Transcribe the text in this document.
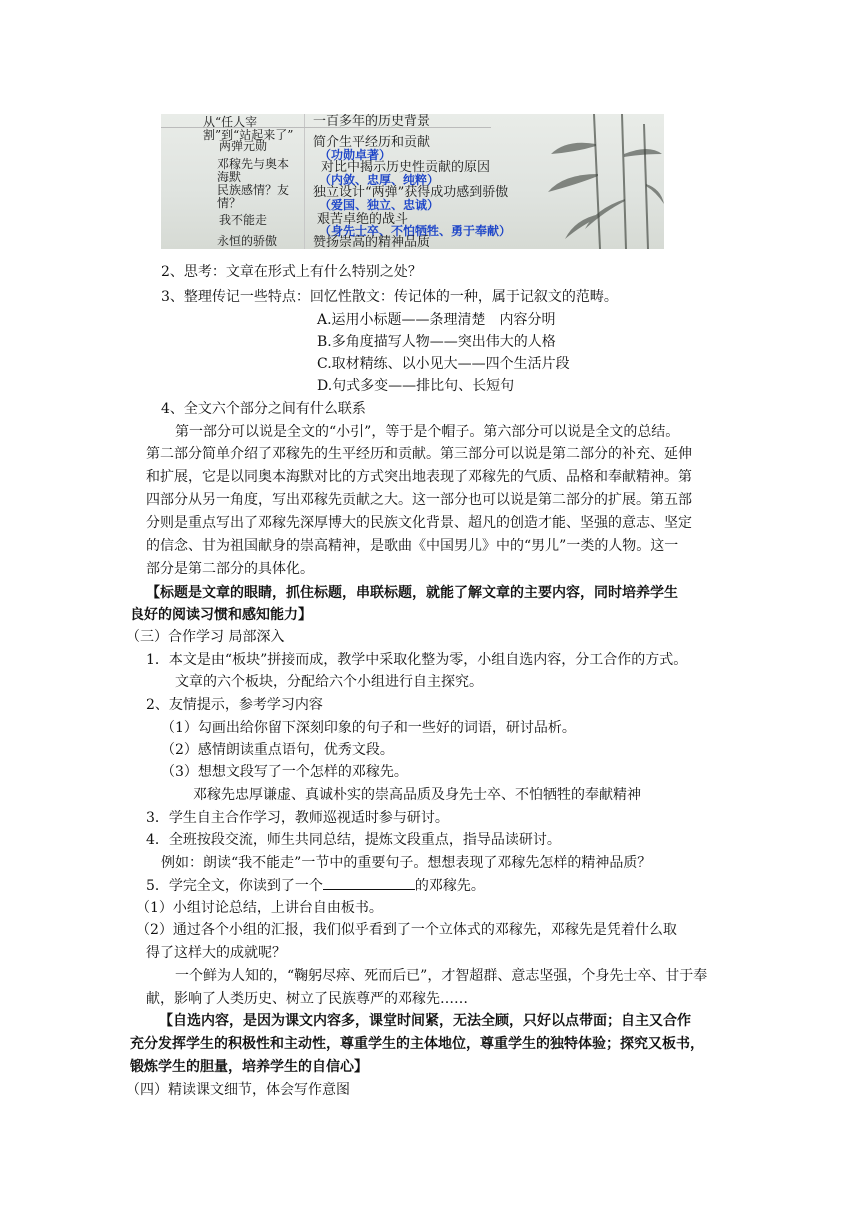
从“任人宰割”到“站起来了”
两弹元勋
邓稼先与奥本海默
民族感情？友情？
我不能走
永恒的骄傲
一百多年的历史背景
简介生平经历和贡献
（功勋卓著）
对比中揭示历史性贡献的原因
（内敛、忠厚、纯粹）
独立设计“两弹”获得成功感到骄傲
（爱国、独立、忠诚）
艰苦卓绝的战斗
（身先士卒、不怕牺牲、勇于奉献）
赞扬崇高的精神品质
2、思考：文章在形式上有什么特别之处？
3、整理传记一些特点：回忆性散文：传记体的一种，属于记叙文的范畴。
A.运用小标题——条理清楚　内容分明
B.多角度描写人物——突出伟大的人格
C.取材精练、以小见大——四个生活片段
D.句式多变——排比句、长短句
4、全文六个部分之间有什么联系
第一部分可以说是全文的“小引”，等于是个帽子。第六部分可以说是全文的总结。
第二部分简单介绍了邓稼先的生平经历和贡献。第三部分可以说是第二部分的补充、延伸
和扩展，它是以同奥本海默对比的方式突出地表现了邓稼先的气质、品格和奉献精神。第
四部分从另一角度，写出邓稼先贡献之大。这一部分也可以说是第二部分的扩展。第五部
分则是重点写出了邓稼先深厚博大的民族文化背景、超凡的创造才能、坚强的意志、坚定
的信念、甘为祖国献身的崇高精神，是歌曲《中国男儿》中的“男儿”一类的人物。这一
部分是第二部分的具体化。
【标题是文章的眼睛，抓住标题，串联标题，就能了解文章的主要内容，同时培养学生
良好的阅读习惯和感知能力】
（三）合作学习 局部深入
1．本文是由“板块”拼接而成，教学中采取化整为零，小组自选内容，分工合作的方式。
文章的六个板块，分配给六个小组进行自主探究。
2、友情提示，参考学习内容
（1）勾画出给你留下深刻印象的句子和一些好的词语，研讨品析。
（2）感情朗读重点语句，优秀文段。
（3）想想文段写了一个怎样的邓稼先。
邓稼先忠厚谦虚、真诚朴实的崇高品质及身先士卒、不怕牺牲的奉献精神
3．学生自主合作学习，教师巡视适时参与研讨。
4．全班按段交流，师生共同总结，提炼文段重点，指导品读研讨。
例如：朗读“我不能走”一节中的重要句子。想想表现了邓稼先怎样的精神品质？
5．学完全文，你读到了一个	的邓稼先。
（1）小组讨论总结，上讲台自由板书。
（2）通过各个小组的汇报，我们似乎看到了一个立体式的邓稼先，邓稼先是凭着什么取
得了这样大的成就呢？
一个鲜为人知的，“鞠躬尽瘁、死而后已”，才智超群、意志坚强，个身先士卒、甘于奉
献，影响了人类历史、树立了民族尊严的邓稼先……
【自选内容，是因为课文内容多，课堂时间紧，无法全顾，只好以点带面；自主又合作
充分发挥学生的积极性和主动性，尊重学生的主体地位，尊重学生的独特体验；探究又板书，
锻炼学生的胆量，培养学生的自信心】
（四）精读课文细节，体会写作意图
